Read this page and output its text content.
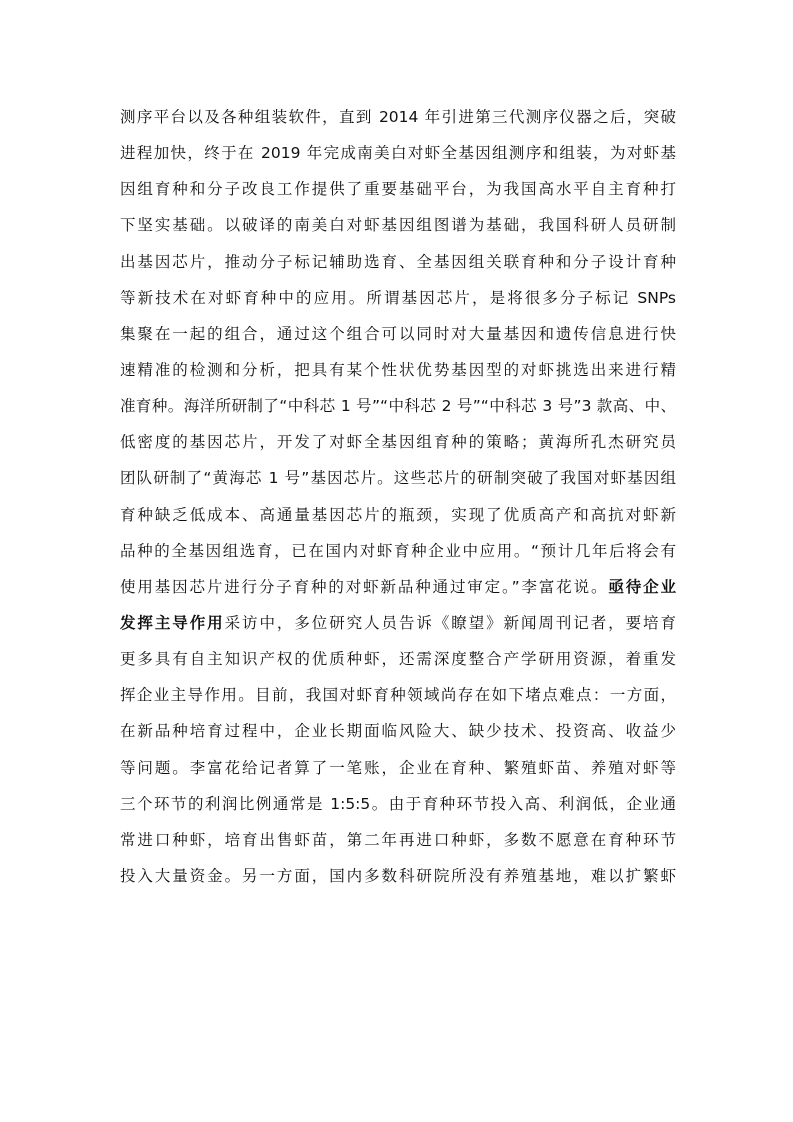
测序平台以及各种组装软件，直到 2014 年引进第三代测序仪器之后，突破
进程加快，终于在 2019 年完成南美白对虾全基因组测序和组装，为对虾基
因组育种和分子改良工作提供了重要基础平台，为我国高水平自主育种打
下坚实基础。以破译的南美白对虾基因组图谱为基础，我国科研人员研制
出基因芯片，推动分子标记辅助选育、全基因组关联育种和分子设计育种
等新技术在对虾育种中的应用。所谓基因芯片，是将很多分子标记 SNPs
集聚在一起的组合，通过这个组合可以同时对大量基因和遗传信息进行快
速精准的检测和分析，把具有某个性状优势基因型的对虾挑选出来进行精
准育种。海洋所研制了“中科芯 1 号”“中科芯 2 号”“中科芯 3 号”3 款高、中、
低密度的基因芯片，开发了对虾全基因组育种的策略；黄海所孔杰研究员
团队研制了“黄海芯 1 号”基因芯片。这些芯片的研制突破了我国对虾基因组
育种缺乏低成本、高通量基因芯片的瓶颈，实现了优质高产和高抗对虾新
品种的全基因组选育，已在国内对虾育种企业中应用。“预计几年后将会有
使用基因芯片进行分子育种的对虾新品种通过审定。”李富花说。亟待企业
发挥主导作用采访中，多位研究人员告诉《瞭望》新闻周刊记者，要培育
更多具有自主知识产权的优质种虾，还需深度整合产学研用资源，着重发
挥企业主导作用。目前，我国对虾育种领域尚存在如下堵点难点：一方面，
在新品种培育过程中，企业长期面临风险大、缺少技术、投资高、收益少
等问题。李富花给记者算了一笔账，企业在育种、繁殖虾苗、养殖对虾等
三个环节的利润比例通常是 1:5:5。由于育种环节投入高、利润低，企业通
常进口种虾，培育出售虾苗，第二年再进口种虾，多数不愿意在育种环节
投入大量资金。另一方面，国内多数科研院所没有养殖基地，难以扩繁虾
